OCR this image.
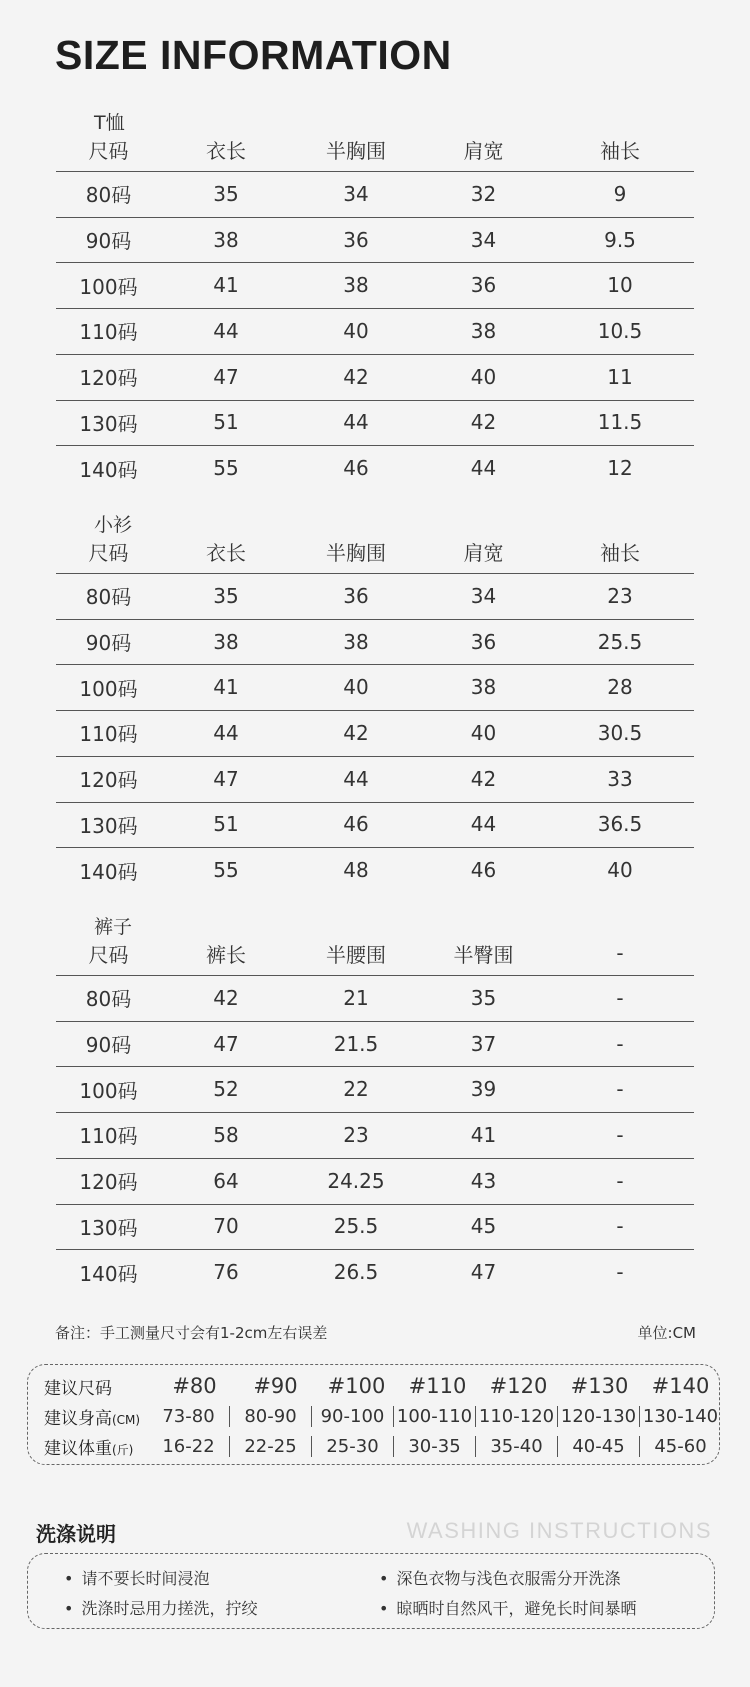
SIZE INFORMATION
T恤
尺码	衣长	半胸围	肩宽	袖长
80码	35	34	32	9
90码	38	36	34	9.5
100码	41	38	36	10
110码	44	40	38	10.5
120码	47	42	40	11
130码	51	44	42	11.5
140码	55	46	44	12
小衫
尺码	衣长	半胸围	肩宽	袖长
80码	35	36	34	23
90码	38	38	36	25.5
100码	41	40	38	28
110码	44	42	40	30.5
120码	47	44	42	33
130码	51	46	44	36.5
140码	55	48	46	40
裤子
尺码	裤长	半腰围	半臀围	-
80码	42	21	35	-
90码	47	21.5	37	-
100码	52	22	39	-
110码	58	23	41	-
120码	64	24.25	43	-
130码	70	25.5	45	-
140码	76	26.5	47	-
备注：手工测量尺寸会有1-2cm左右误差	单位:CM
建议尺码	#80	#90	#100	#110	#120	#130	#140
建议身高(CM)	73-80	80-90	90-100 100-110 110-120 120-130 130-140
建议体重(斤)	16-22	22-25	25-30	30-35	35-40	40-45	45-60
洗涤说明	WASHING INSTRUCTIONS
• 请不要长时间浸泡	• 深色衣物与浅色衣服需分开洗涤
• 洗涤时忌用力搓洗，拧绞	• 晾晒时自然风干，避免长时间暴晒
